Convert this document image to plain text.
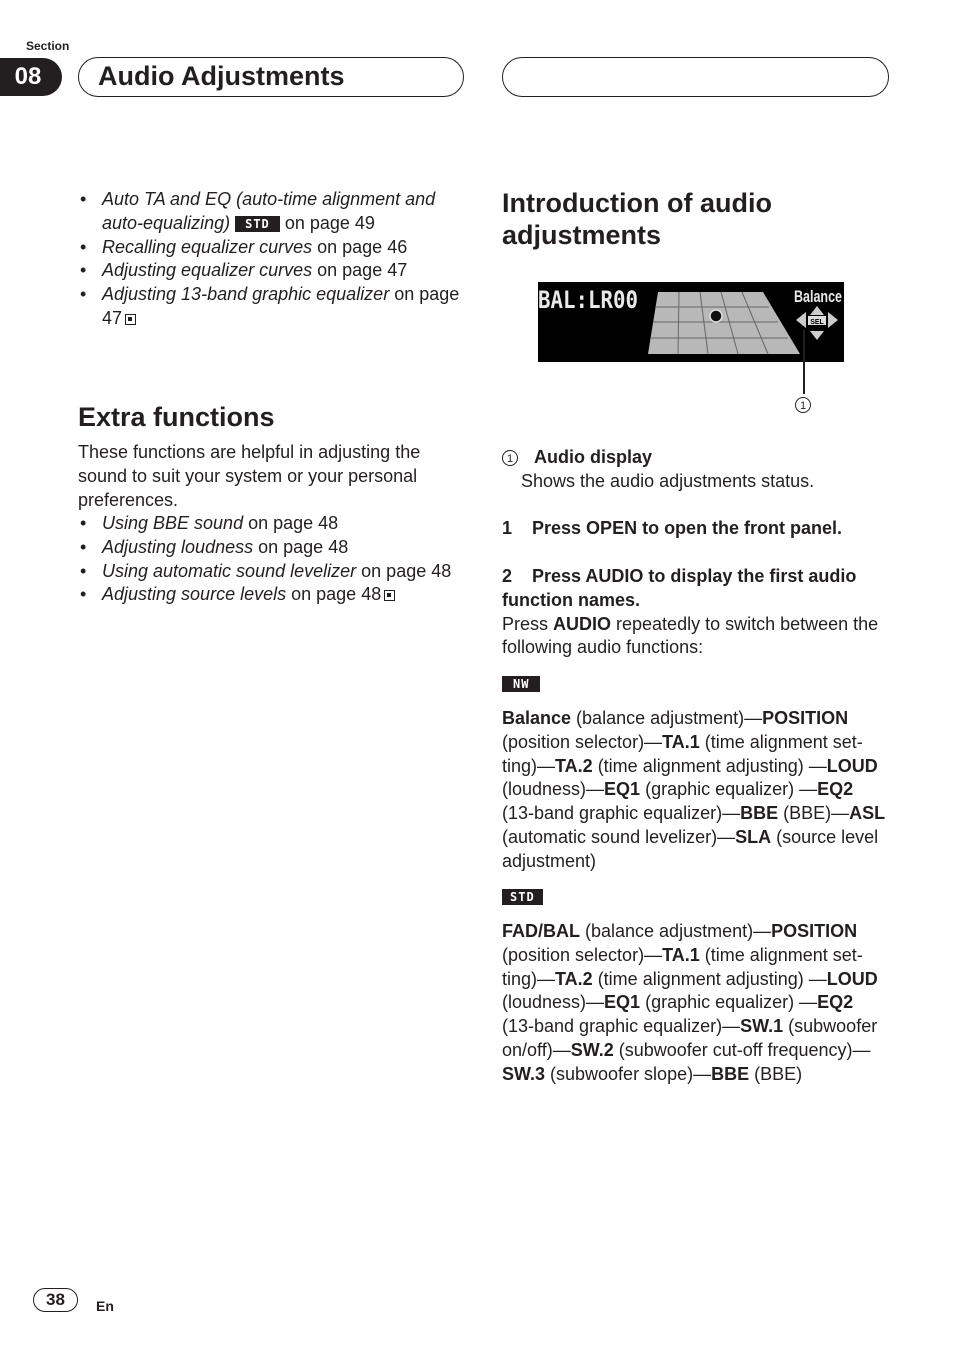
Section
08	Audio Adjustments
• Auto TA and EQ (auto-time alignment and auto-equalizing) STD on page 49
• Recalling equalizer curves on page 46
• Adjusting equalizer curves on page 47
• Adjusting 13-band graphic equalizer on page 47
Extra functions
These functions are helpful in adjusting the sound to suit your system or your personal preferences.
• Using BBE sound on page 48
• Adjusting loudness on page 48
• Using automatic sound levelizer on page 48
• Adjusting source levels on page 48
Introduction of audio adjustments
SEL
BAL:LR00	Balance
1
1 Audio display
Shows the audio adjustments status.
1 Press OPEN to open the front panel.
2 Press AUDIO to display the first audio function names.
Press AUDIO repeatedly to switch between the following audio functions:
NW
Balance (balance adjustment)—POSITION (position selector)—TA.1 (time alignment set-ting)—TA.2 (time alignment adjusting) —LOUD (loudness)—EQ1 (graphic equalizer) —EQ2 (13-band graphic equalizer)—BBE (BBE)—ASL (automatic sound levelizer)—SLA (source level adjustment)
STD
FAD/BAL (balance adjustment)—POSITION (position selector)—TA.1 (time alignment set-ting)—TA.2 (time alignment adjusting) —LOUD (loudness)—EQ1 (graphic equalizer) —EQ2 (13-band graphic equalizer)—SW.1 (subwoofer on/off)—SW.2 (subwoofer cut-off frequency)—SW.3 (subwoofer slope)—BBE (BBE)
38	En
